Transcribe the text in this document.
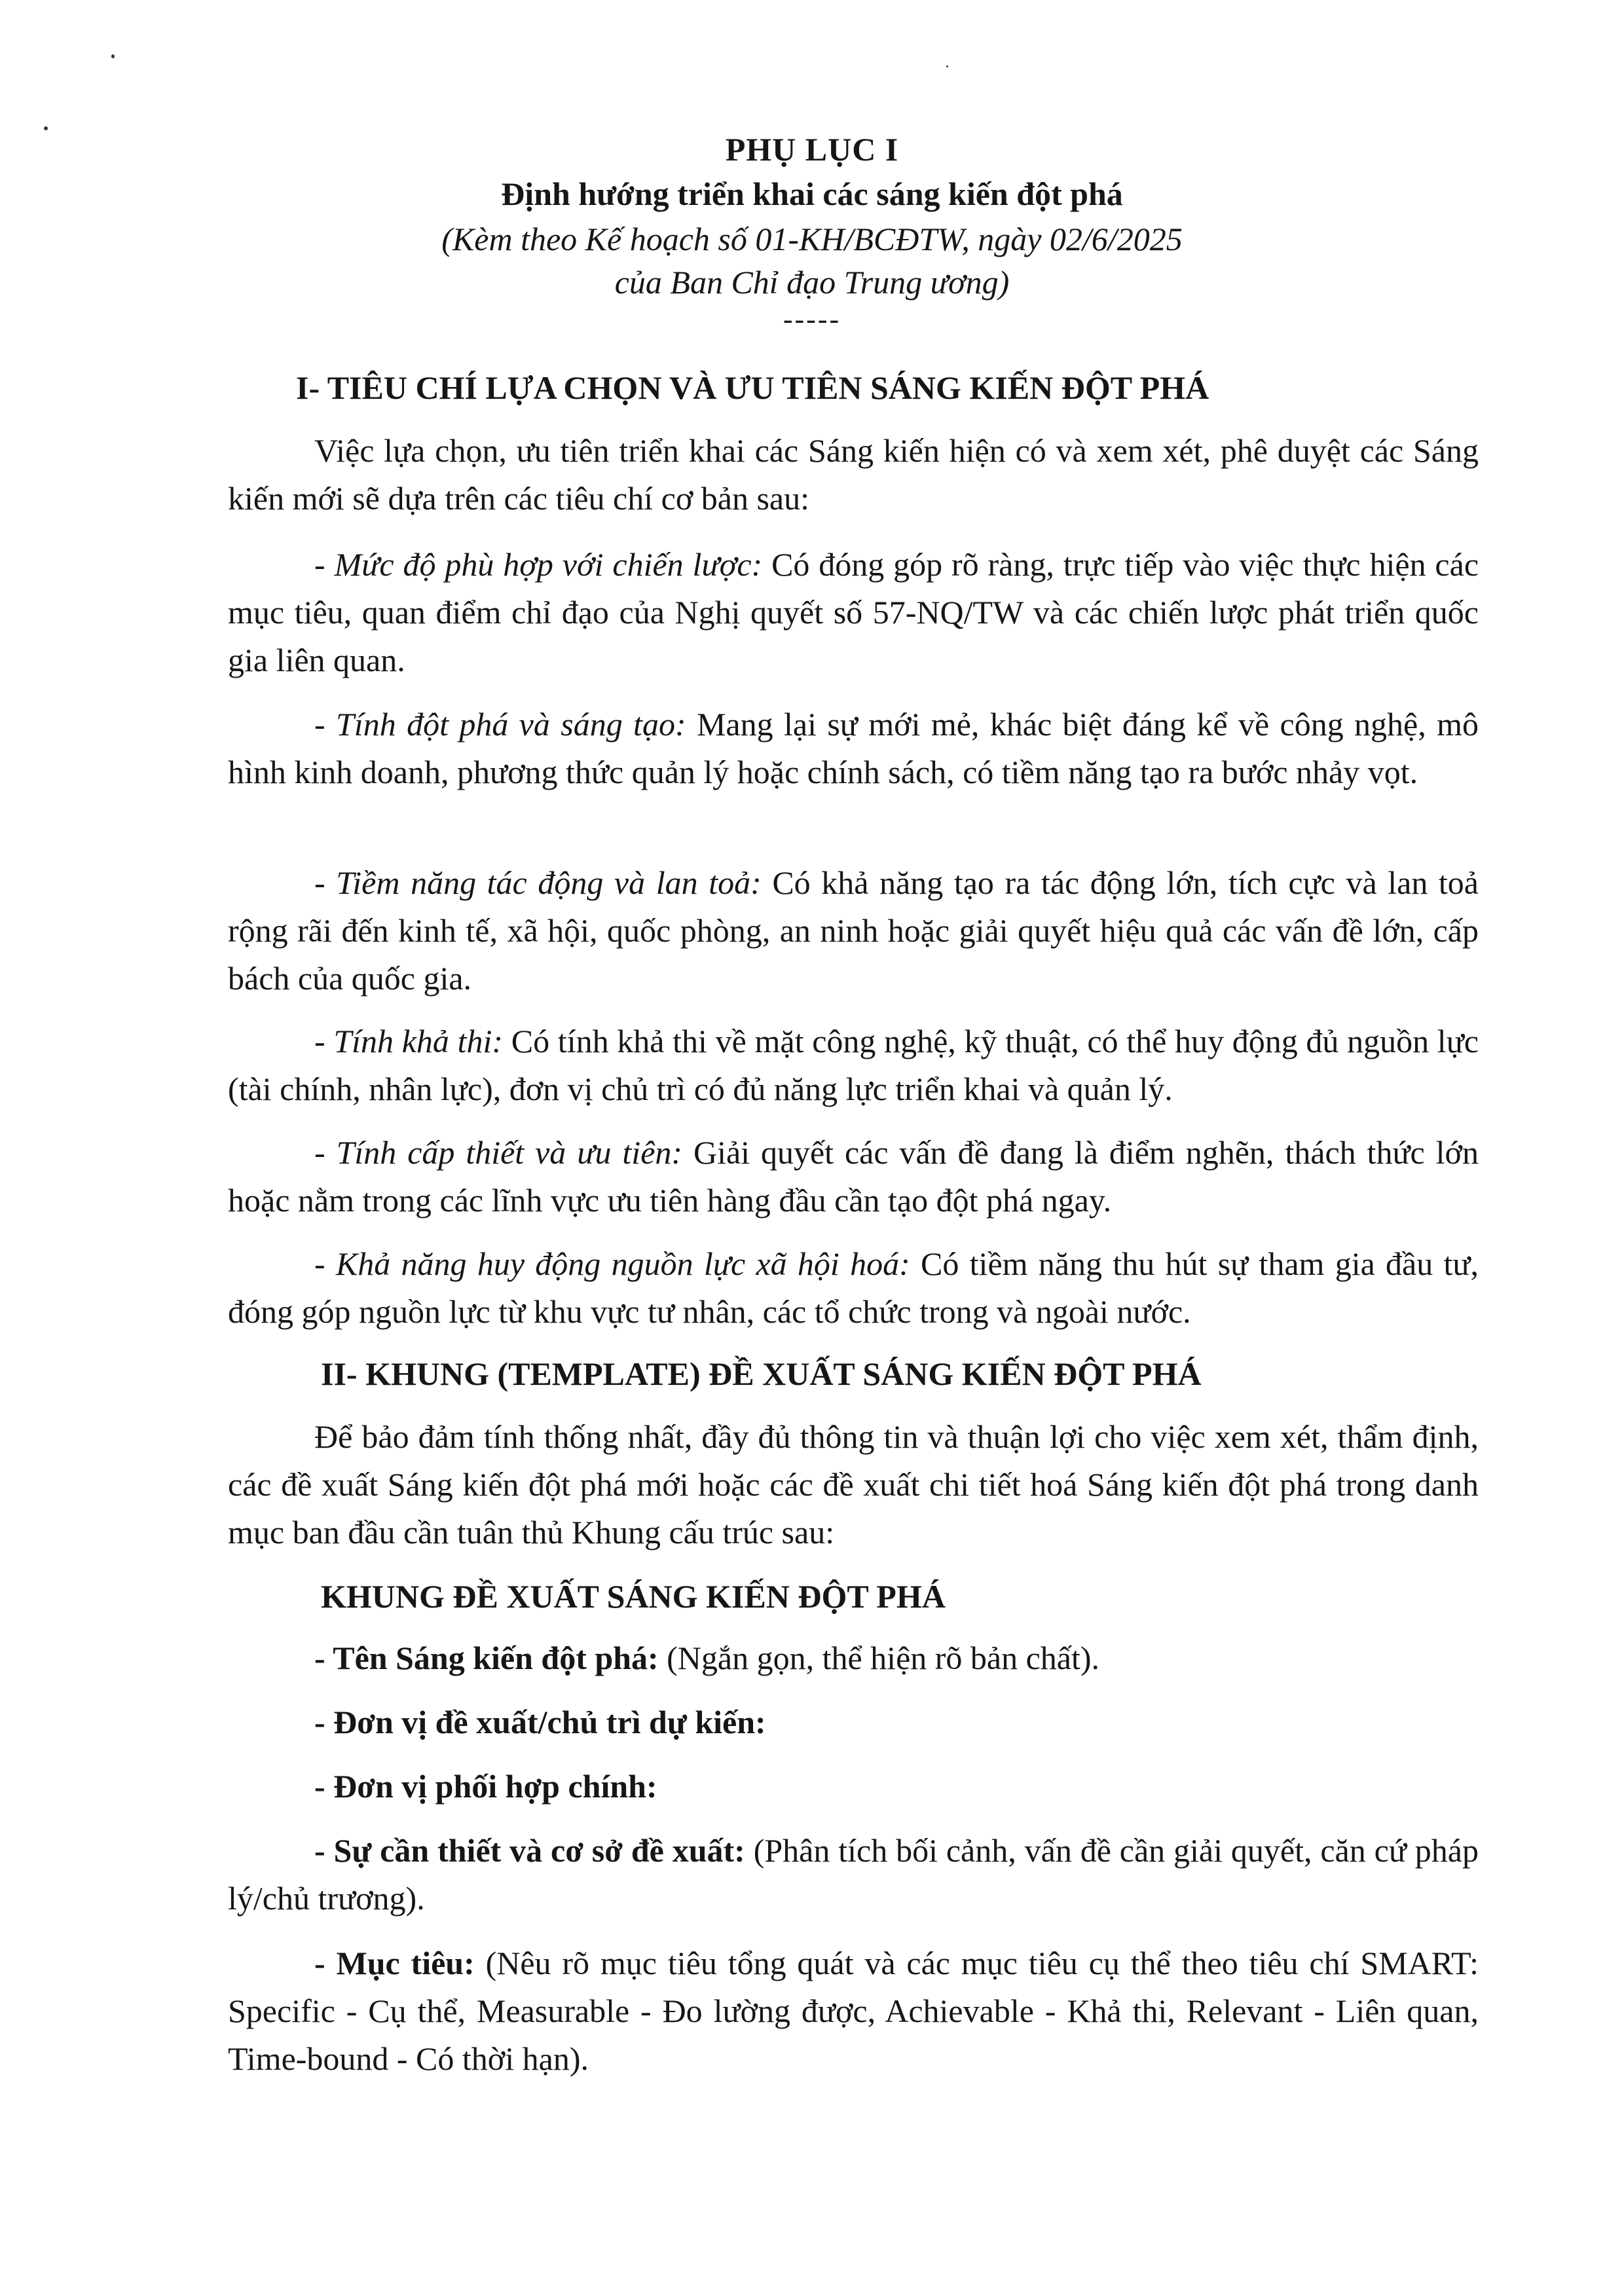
PHỤ LỤC I
Định hướng triển khai các sáng kiến đột phá
(Kèm theo Kế hoạch số 01-KH/BCĐTW, ngày 02/6/2025
của Ban Chỉ đạo Trung ương)
-----
I- TIÊU CHÍ LỰA CHỌN VÀ ƯU TIÊN SÁNG KIẾN ĐỘT PHÁ
Việc lựa chọn, ưu tiên triển khai các Sáng kiến hiện có và xem xét, phê duyệt các Sáng kiến mới sẽ dựa trên các tiêu chí cơ bản sau:
- Mức độ phù hợp với chiến lược: Có đóng góp rõ ràng, trực tiếp vào việc thực hiện các mục tiêu, quan điểm chỉ đạo của Nghị quyết số 57-NQ/TW và các chiến lược phát triển quốc gia liên quan.
- Tính đột phá và sáng tạo: Mang lại sự mới mẻ, khác biệt đáng kể về công nghệ, mô hình kinh doanh, phương thức quản lý hoặc chính sách, có tiềm năng tạo ra bước nhảy vọt.
- Tiềm năng tác động và lan toả: Có khả năng tạo ra tác động lớn, tích cực và lan toả rộng rãi đến kinh tế, xã hội, quốc phòng, an ninh hoặc giải quyết hiệu quả các vấn đề lớn, cấp bách của quốc gia.
- Tính khả thi: Có tính khả thi về mặt công nghệ, kỹ thuật, có thể huy động đủ nguồn lực (tài chính, nhân lực), đơn vị chủ trì có đủ năng lực triển khai và quản lý.
- Tính cấp thiết và ưu tiên: Giải quyết các vấn đề đang là điểm nghẽn, thách thức lớn hoặc nằm trong các lĩnh vực ưu tiên hàng đầu cần tạo đột phá ngay.
- Khả năng huy động nguồn lực xã hội hoá: Có tiềm năng thu hút sự tham gia đầu tư, đóng góp nguồn lực từ khu vực tư nhân, các tổ chức trong và ngoài nước.
II- KHUNG (TEMPLATE) ĐỀ XUẤT SÁNG KIẾN ĐỘT PHÁ
Để bảo đảm tính thống nhất, đầy đủ thông tin và thuận lợi cho việc xem xét, thẩm định, các đề xuất Sáng kiến đột phá mới hoặc các đề xuất chi tiết hoá Sáng kiến đột phá trong danh mục ban đầu cần tuân thủ Khung cấu trúc sau:
KHUNG ĐỀ XUẤT SÁNG KIẾN ĐỘT PHÁ
- Tên Sáng kiến đột phá: (Ngắn gọn, thể hiện rõ bản chất).
- Đơn vị đề xuất/chủ trì dự kiến:
- Đơn vị phối hợp chính:
- Sự cần thiết và cơ sở đề xuất: (Phân tích bối cảnh, vấn đề cần giải quyết, căn cứ pháp lý/chủ trương).
- Mục tiêu: (Nêu rõ mục tiêu tổng quát và các mục tiêu cụ thể theo tiêu chí SMART: Specific - Cụ thể, Measurable - Đo lường được, Achievable - Khả thi, Relevant - Liên quan, Time-bound - Có thời hạn).
